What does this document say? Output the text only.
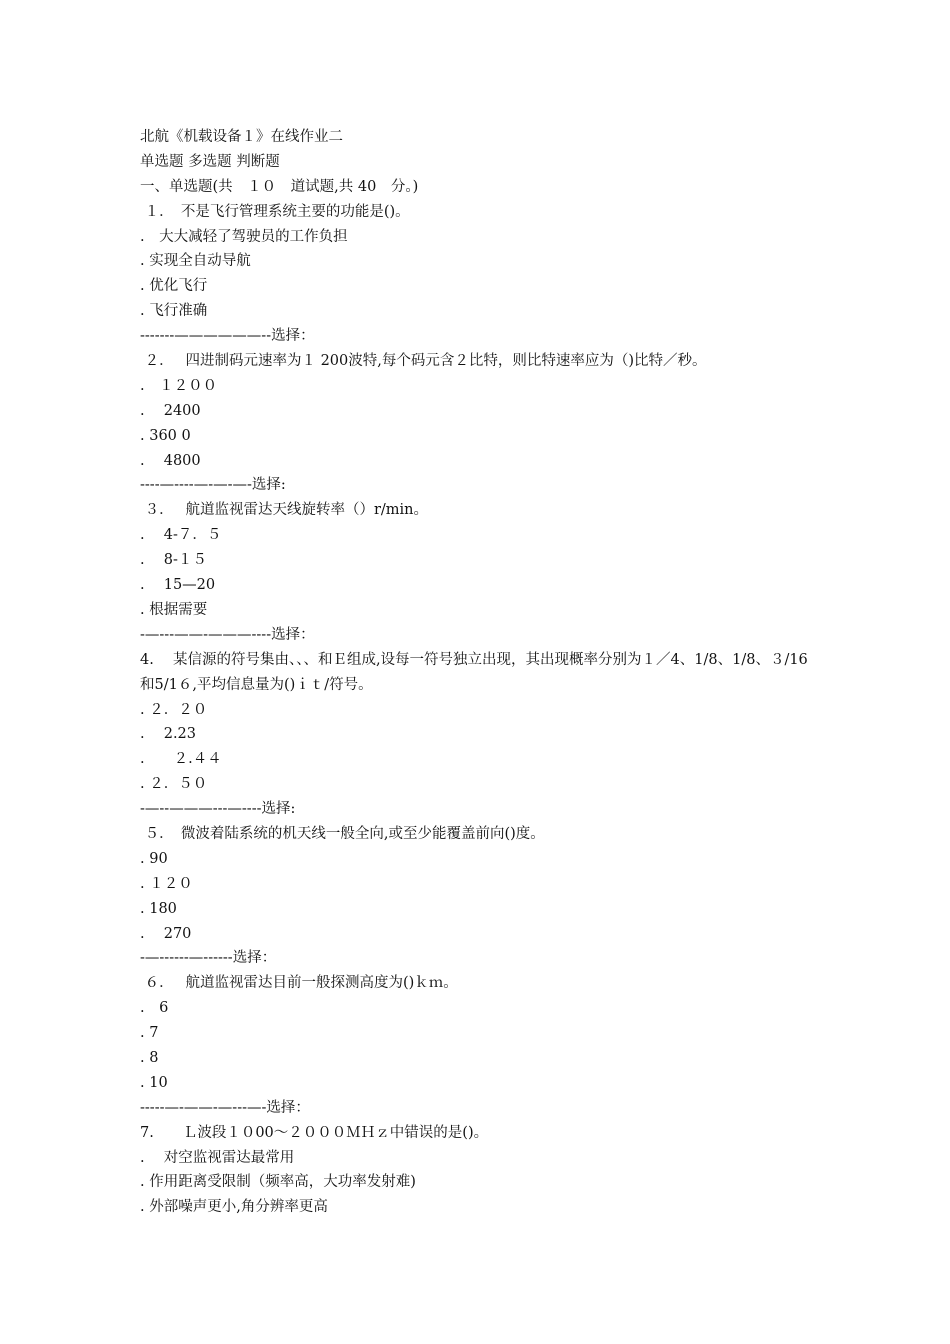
北航《机载设备１》在线作业二
单选题 多选题 判断题
一、单选题(共　１０　道试题,共 40　分。)
１．　不是飞行管理系统主要的功能是()。
.　大大减轻了驾驶员的工作负担
. 实现全自动导航
. 优化飞行
. 飞行准确
-------——————--选择：
２．　 四进制码元速率为１ 200波特,每个码元含２比特，则比特速率应为（)比特／秒。
.　１２００
.　 2400
. 360 0
.　 4800
----—----—-—-—-选择:
３．　 航道监视雷达天线旋转率（）r/min。
.　 4-７．５
.　 8-１５
.　 15—20
. 根据需要
-—---——-———----选择：
4.　 某信源的符号集由、、、和Ｅ组成,设每一符号独立出现，其出现概率分别为１／4、1/8、1/8、３/16和5/1６,平均信息量为()ｉｔ/符号。
. ２．２０
.　 2.23
.　　２.４４
. ２．５０
-—--———---—----选择:
５．　微波着陆系统的机天线一般全向,或至少能覆盖前向()度。
. 90
. １２０
. 180
.　 270
-—------—------选择：
６．　 航道监视雷达目前一般探测高度为()ｋｍ。
.　6
. 7
. 8
. 10
-----—-——-—---—-选择：
7.　　Ｌ波段１０00～２０００ＭＨｚ中错误的是()。
.　 对空监视雷达最常用
. 作用距离受限制（频率高，大功率发射难)
. 外部噪声更小,角分辨率更高
